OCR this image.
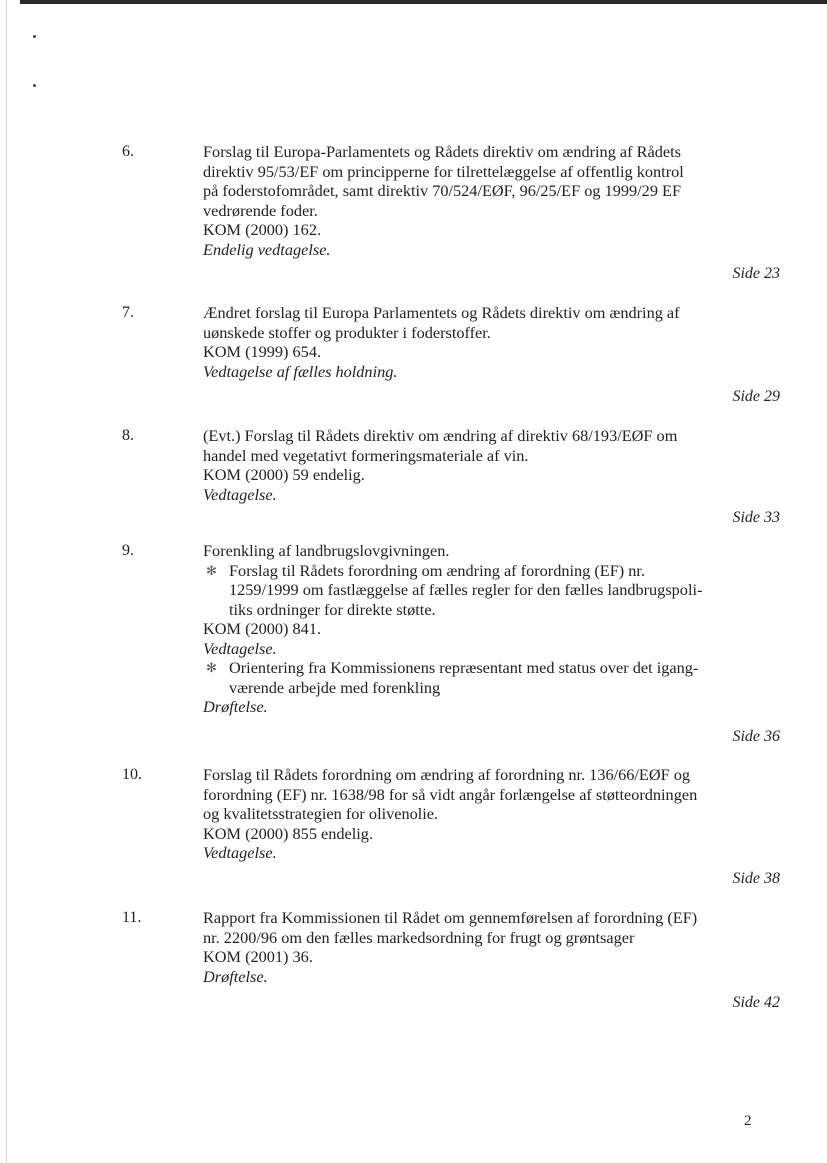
6.	Forslag til Europa-Parlamentets og Rådets direktiv om ændring af Rådets
direktiv 95/53/EF om principperne for tilrettelæggelse af offentlig kontrol
på foderstofområdet, samt direktiv 70/524/EØF, 96/25/EF og 1999/29 EF
vedrørende foder.
KOM (2000) 162.
Endelig vedtagelse.
Side 23
7.	Ændret forslag til Europa Parlamentets og Rådets direktiv om ændring af
uønskede stoffer og produkter i foderstoffer.
KOM (1999) 654.
Vedtagelse af fælles holdning.
Side 29
8.	(Evt.) Forslag til Rådets direktiv om ændring af direktiv 68/193/EØF om
handel med vegetativt formeringsmateriale af vin.
KOM (2000) 59 endelig.
Vedtagelse.
Side 33
9.	Forenkling af landbrugslovgivningen.
✻ Forslag til Rådets forordning om ændring af forordning (EF) nr.
1259/1999 om fastlæggelse af fælles regler for den fælles landbrugspoli-
tiks ordninger for direkte støtte.
KOM (2000) 841.
Vedtagelse.
✻ Orientering fra Kommissionens repræsentant med status over det igang-
værende arbejde med forenkling
Drøftelse.
Side 36
10.	Forslag til Rådets forordning om ændring af forordning nr. 136/66/EØF og
forordning (EF) nr. 1638/98 for så vidt angår forlængelse af støtteordningen
og kvalitetsstrategien for olivenolie.
KOM (2000) 855 endelig.
Vedtagelse.
Side 38
11.	Rapport fra Kommissionen til Rådet om gennemførelsen af forordning (EF)
nr. 2200/96 om den fælles markedsordning for frugt og grøntsager
KOM (2001) 36.
Drøftelse.
Side 42
2
